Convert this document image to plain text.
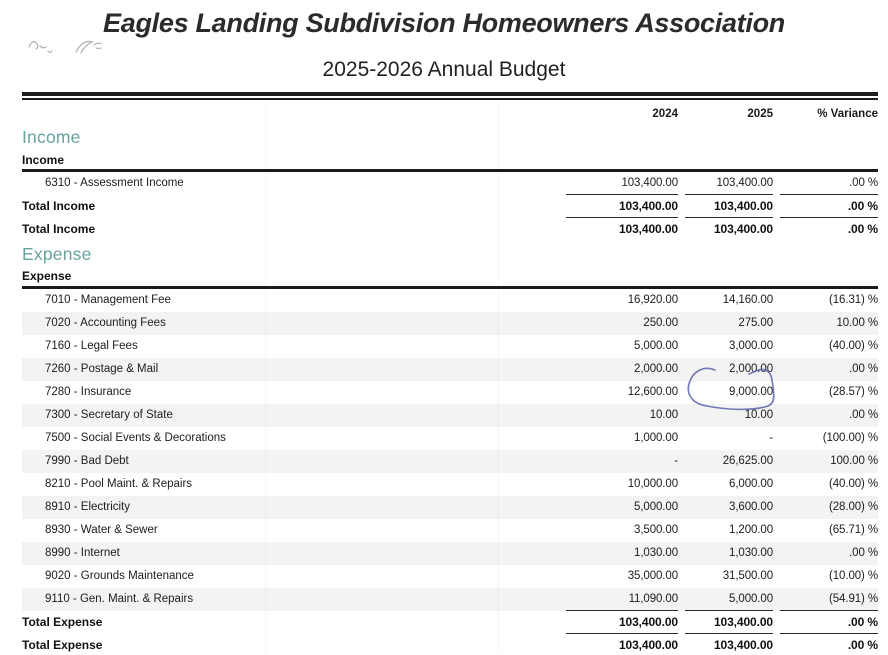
Eagles Landing Subdivision Homeowners Association
2025-2026 Annual Budget
2024	2025	% Variance
Income
Income
6310 - Assessment Income	103,400.00	103,400.00	.00 %
Total Income	103,400.00	103,400.00	.00 %
Total Income	103,400.00	103,400.00	.00 %
Expense
Expense
7010 - Management Fee	16,920.00	14,160.00	(16.31) %
7020 - Accounting Fees	250.00	275.00	10.00 %
7160 - Legal Fees	5,000.00	3,000.00	(40.00) %
7260 - Postage & Mail	2,000.00	2,000.00	.00 %
7280 - Insurance	12,600.00	9,000.00	(28.57) %
7300 - Secretary of State	10.00	10.00	.00 %
7500 - Social Events & Decorations	1,000.00	-	(100.00) %
7990 - Bad Debt	-	26,625.00	100.00 %
8210 - Pool Maint. & Repairs	10,000.00	6,000.00	(40.00) %
8910 - Electricity	5,000.00	3,600.00	(28.00) %
8930 - Water & Sewer	3,500.00	1,200.00	(65.71) %
8990 - Internet	1,030.00	1,030.00	.00 %
9020 - Grounds Maintenance	35,000.00	31,500.00	(10.00) %
9110 - Gen. Maint. & Repairs	11,090.00	5,000.00	(54.91) %
Total Expense	103,400.00	103,400.00	.00 %
Total Expense	103,400.00	103,400.00	.00 %
